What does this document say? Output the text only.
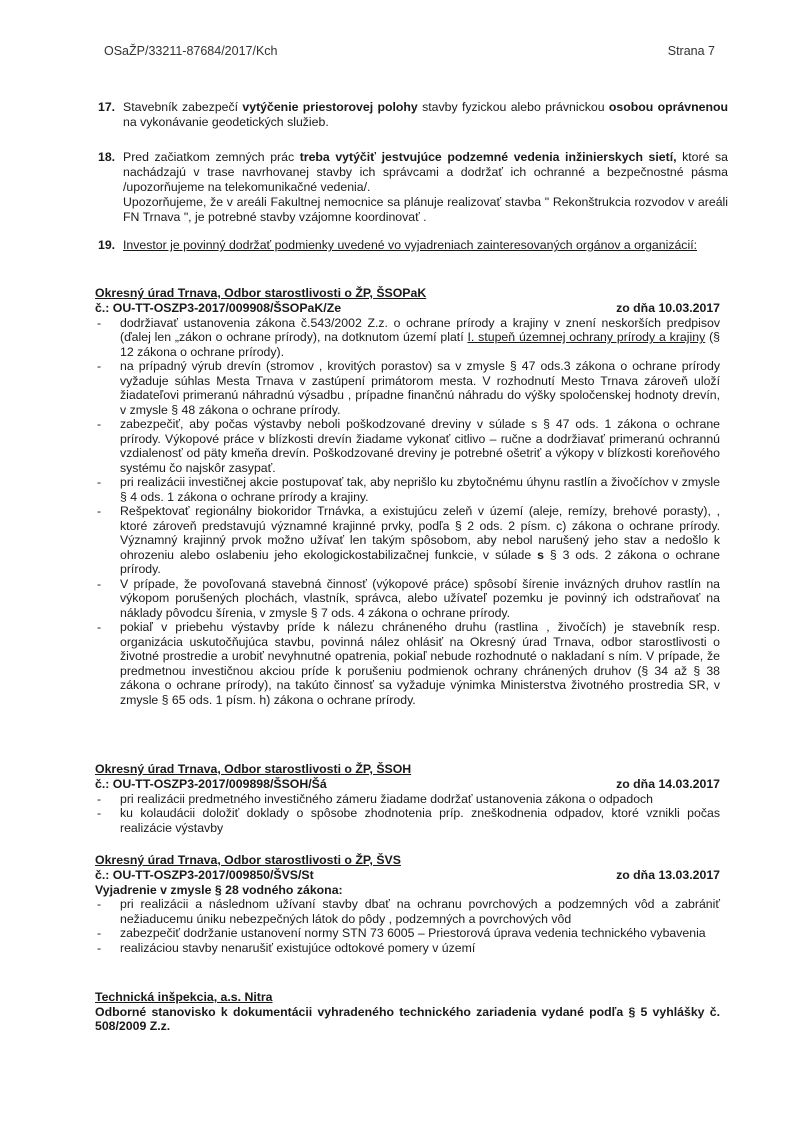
OSaŽP/33211-87684/2017/Kch	Strana 7
17. Stavebník zabezpečí vytýčenie priestorovej polohy stavby fyzickou alebo právnickou osobou oprávnenou na vykonávanie geodetických služieb.
18. Pred začiatkom zemných prác treba vytýčiť jestvujúce podzemné vedenia inžinierskych sietí, ktoré sa nachádzajú v trase navrhovanej stavby ich správcami a dodržať ich ochranné a bezpečnostné pásma /upozorňujeme na telekomunikačné vedenia/.
Upozorňujeme, že v areáli Fakultnej nemocnice sa plánuje realizovať stavba " Rekonštrukcia rozvodov v areáli FN Trnava ", je potrebné stavby vzájomne koordinovať .
19. Investor je povinný dodržať podmienky uvedené vo vyjadreniach zainteresovaných orgánov a organizácií:
Okresný úrad Trnava, Odbor starostlivosti o ŽP, ŠSOPaK
č.: OU-TT-OSZP3-2017/009908/ŠSOPaK/Ze	zo dňa 10.03.2017
- dodržiavať ustanovenia zákona č.543/2002 Z.z. o ochrane prírody a krajiny v znení neskorších predpisov (ďalej len „zákon o ochrane prírody), na dotknutom území platí I. stupeň územnej ochrany prírody a krajiny (§ 12 zákona o ochrane prírody).
- na prípadný výrub drevín (stromov , krovitých porastov) sa v zmysle § 47 ods.3 zákona o ochrane prírody vyžaduje súhlas Mesta Trnava v zastúpení primátorom mesta. V rozhodnutí Mesto Trnava zároveň uloží žiadateľovi primeranú náhradnú výsadbu , prípadne finančnú náhradu do výšky spoločenskej hodnoty drevín, v zmysle § 48 zákona o ochrane prírody.
- zabezpečiť, aby počas výstavby neboli poškodzované dreviny v súlade s § 47 ods. 1 zákona o ochrane prírody. Výkopové práce v blízkosti drevín žiadame vykonať citlivo – ručne a dodržiavať primeranú ochrannú vzdialenosť od päty kmeňa drevín. Poškodzované dreviny je potrebné ošetriť a výkopy v blízkosti koreňového systému čo najskôr zasypať.
- pri realizácii investičnej akcie postupovať tak, aby neprišlo ku zbytočnému úhynu rastlín a živočíchov v zmysle § 4 ods. 1 zákona o ochrane prírody a krajiny.
- Rešpektovať regionálny biokoridor Trnávka, a existujúcu zeleň v území (aleje, remízy, brehové porasty), , ktoré zároveň predstavujú významné krajinné prvky, podľa § 2 ods. 2 písm. c) zákona o ochrane prírody. Významný krajinný prvok možno užívať len takým spôsobom, aby nebol narušený jeho stav a nedošlo k ohrozeniu alebo oslabeniu jeho ekologickostabilizačnej funkcie, v súlade s § 3 ods. 2 zákona o ochrane prírody.
- V prípade, že povoľovaná stavebná činnosť (výkopové práce) spôsobí šírenie invázných druhov rastlín na výkopom porušených plochách, vlastník, správca, alebo užívateľ pozemku je povinný ich odstraňovať na náklady pôvodcu šírenia, v zmysle § 7 ods. 4 zákona o ochrane prírody.
- pokiaľ v priebehu výstavby príde k nálezu chráneného druhu (rastlina , živočích) je stavebník resp. organizácia uskutočňujúca stavbu, povinná nález ohlásiť na Okresný úrad Trnava, odbor starostlivosti o životné prostredie a urobiť nevyhnutné opatrenia, pokiaľ nebude rozhodnuté o nakladaní s ním. V prípade, že predmetnou investičnou akciou príde k porušeniu podmienok ochrany chránených druhov (§ 34 až § 38 zákona o ochrane prírody), na takúto činnosť sa vyžaduje výnimka Ministerstva životného prostredia SR, v zmysle § 65 ods. 1 písm. h) zákona o ochrane prírody.
Okresný úrad Trnava, Odbor starostlivosti o ŽP, ŠSOH
č.: OU-TT-OSZP3-2017/009898/ŠSOH/Šá	zo dňa 14.03.2017
- pri realizácii predmetného investičného zámeru žiadame dodržať ustanovenia zákona o odpadoch
- ku kolaudácii doložiť doklady o spôsobe zhodnotenia príp. zneškodnenia odpadov, ktoré vznikli počas realizácie výstavby
Okresný úrad Trnava, Odbor starostlivosti o ŽP, ŠVS
č.: OU-TT-OSZP3-2017/009850/ŠVS/St	zo dňa 13.03.2017
Vyjadrenie v zmysle § 28 vodného zákona:
- pri realizácii a následnom užívaní stavby dbať na ochranu povrchových a podzemných vôd a zabrániť nežiaducemu úniku nebezpečných látok do pôdy , podzemných a povrchových vôd
- zabezpečiť dodržanie ustanovení normy STN 73 6005 – Priestorová úprava vedenia technického vybavenia
- realizáciou stavby nenarušiť existujúce odtokové pomery v území
Technická inšpekcia, a.s. Nitra
Odborné stanovisko k dokumentácii vyhradeného technického zariadenia vydané podľa § 5 vyhlášky č. 508/2009 Z.z.
